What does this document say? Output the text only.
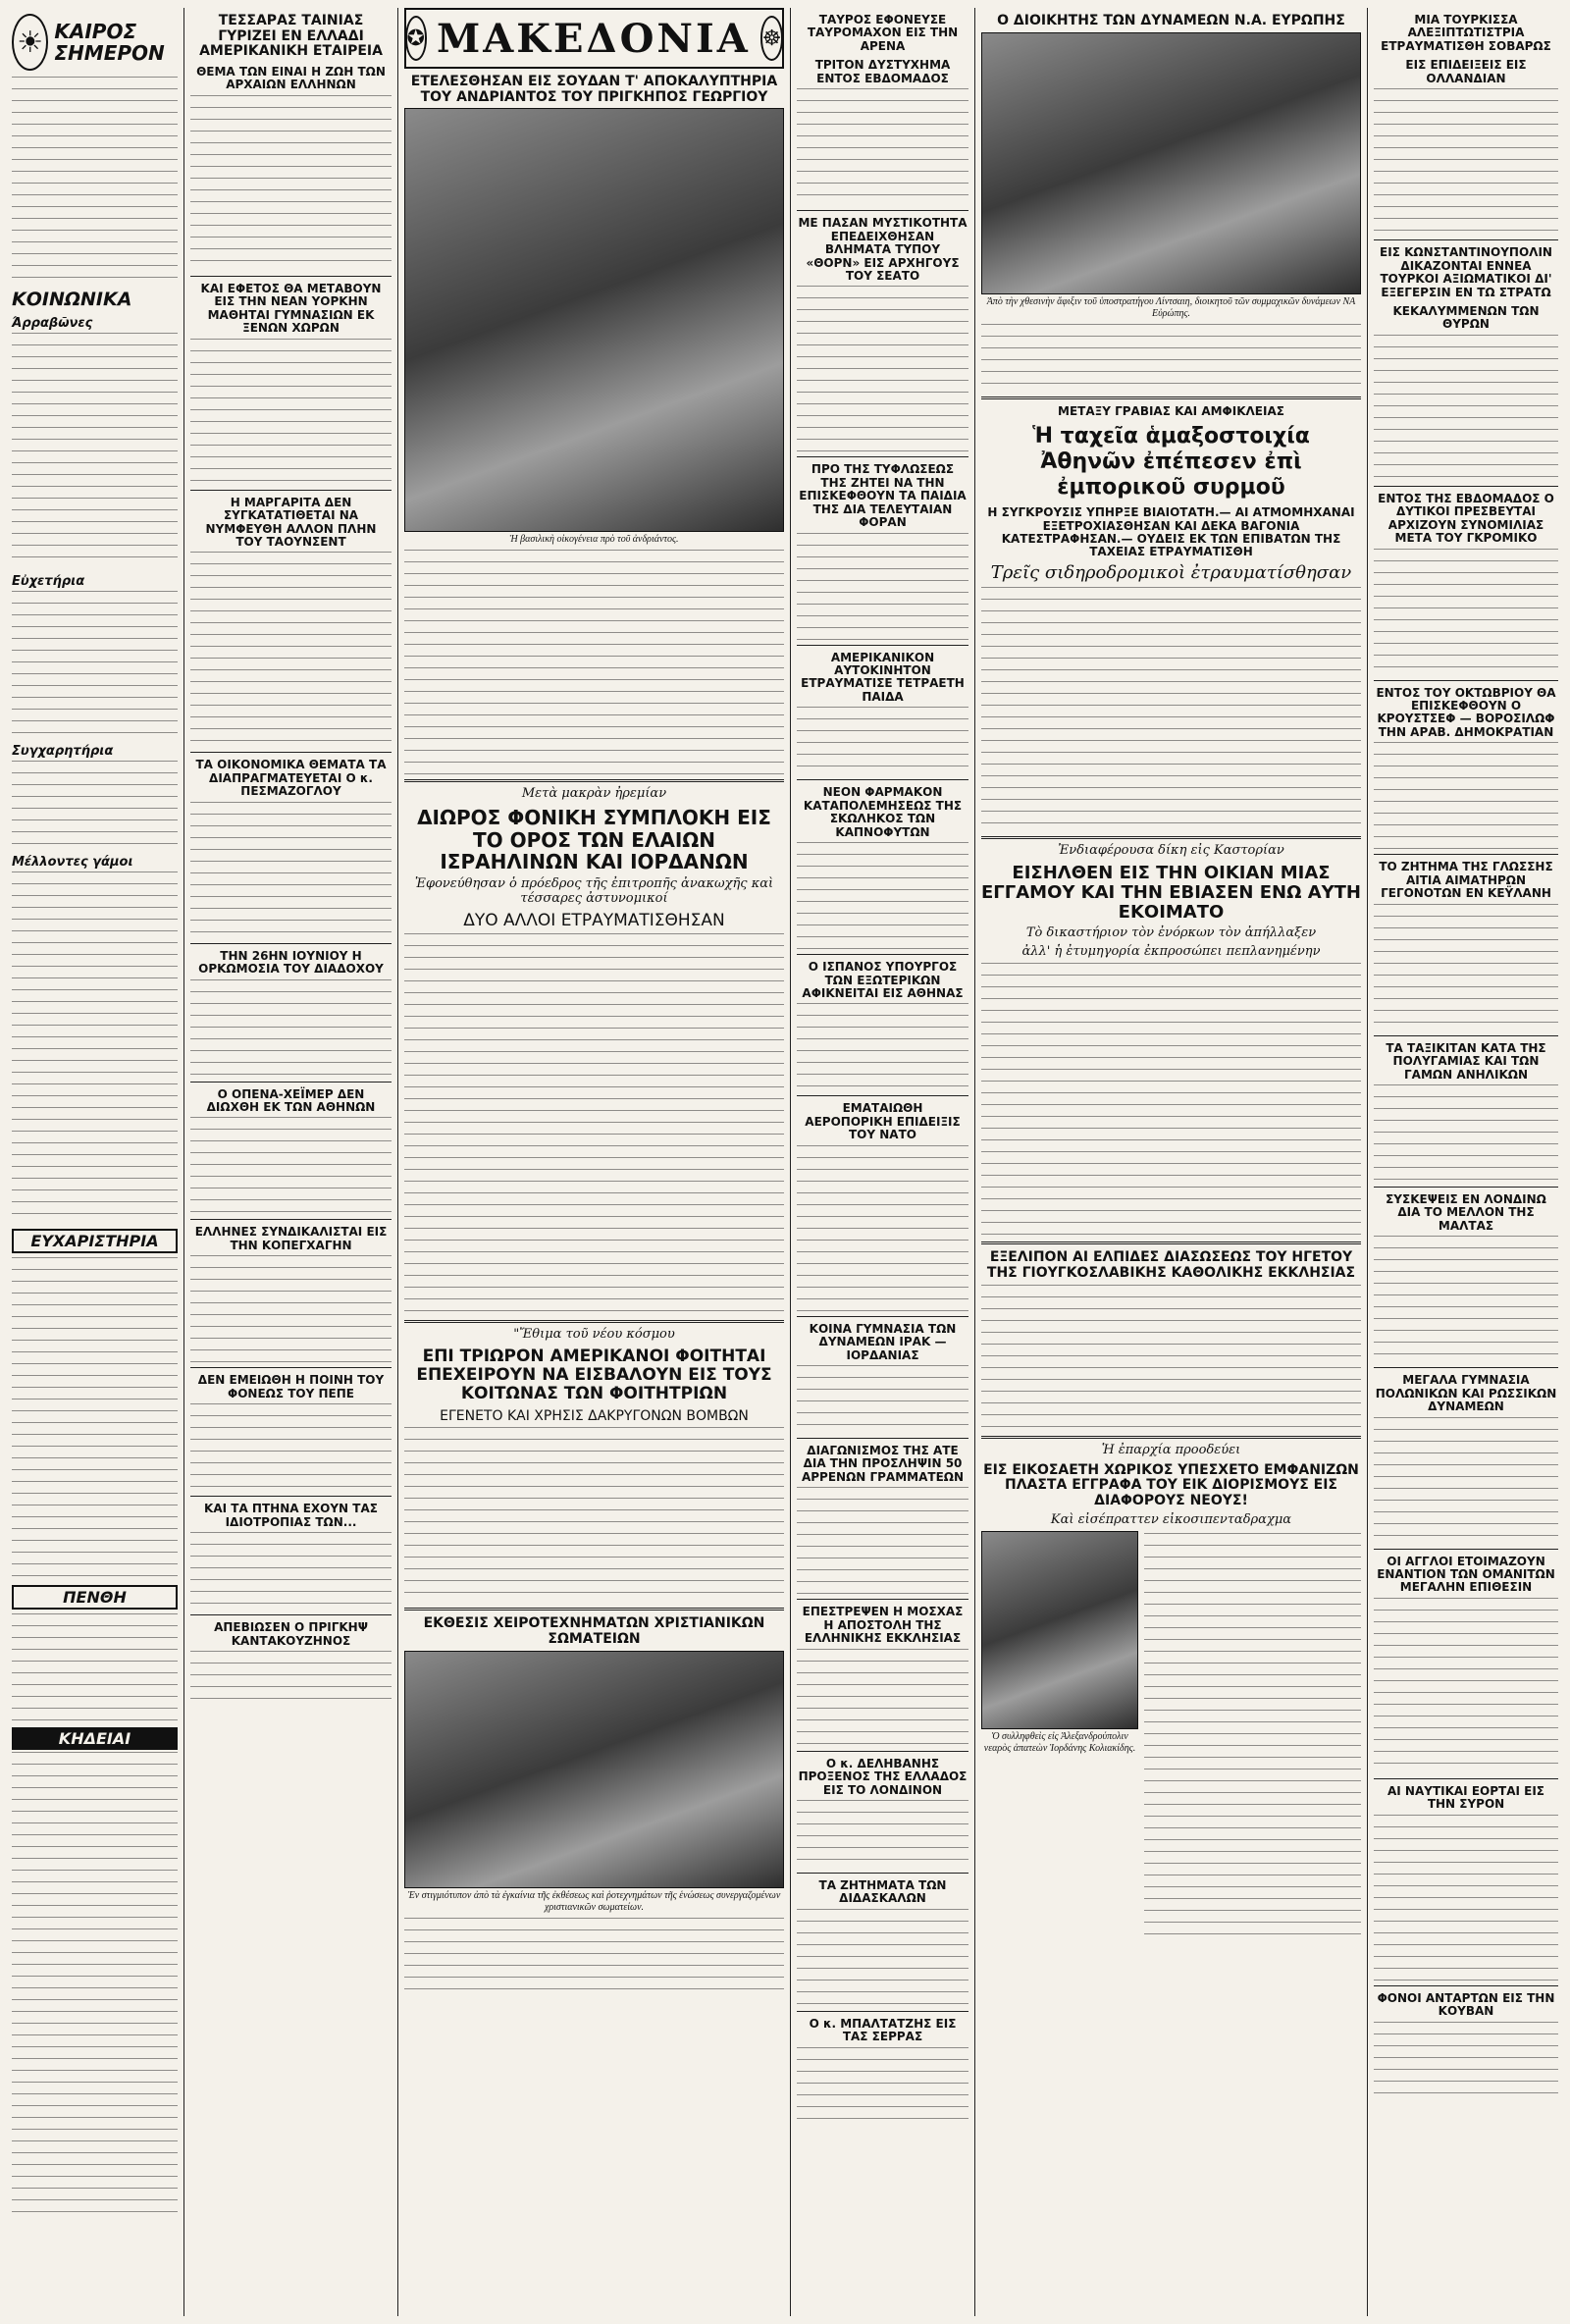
☀ ΚΑΙΡΟΣ ΣΗΜΕΡΟΝ
ΚΟΙΝΩΝΙΚΑ
Άρραβῶνες
Εὐχετήρια
Συγχαρητήρια
Μέλλοντες γάμοι
ΕΥΧΑΡΙΣΤΗΡΙΑ
ΠΕΝΘΗ
ΚΗΔΕΙΑΙ
ΤΕΣΣΑΡΑΣ ΤΑΙΝΙΑΣ ΓΥΡΙΖΕΙ ΕΝ ΕΛΛΑΔΙ ΑΜΕΡΙΚΑΝΙΚΗ ΕΤΑΙΡΕΙΑ
ΘΕΜΑ ΤΩΝ ΕΙΝΑΙ Η ΖΩΗ ΤΩΝ ΑΡΧΑΙΩΝ ΕΛΛΗΝΩΝ
ΚΑΙ ΕΦΕΤΟΣ ΘΑ ΜΕΤΑΒΟΥΝ ΕΙΣ ΤΗΝ ΝΕΑΝ ΥΟΡΚΗΝ ΜΑΘΗΤΑΙ ΓΥΜΝΑΣΙΩΝ ΕΚ ΞΕΝΩΝ ΧΩΡΩΝ
Η ΜΑΡΓΑΡΙΤΑ ΔΕΝ ΣΥΓΚΑΤΑΤΙΘΕΤΑΙ ΝΑ ΝΥΜΦΕΥΘΗ ΑΛΛΟΝ ΠΛΗΝ ΤΟΥ ΤΑΟΥΝΣΕΝΤ
ΤΑ ΟΙΚΟΝΟΜΙΚΑ ΘΕΜΑΤΑ ΤΑ ΔΙΑΠΡΑΓΜΑΤΕΥΕΤΑΙ Ο κ. ΠΕΣΜΑΖΟΓΛΟΥ
ΤΗΝ 26ΗΝ ΙΟΥΝΙΟΥ Η ΟΡΚΩΜΟΣΙΑ ΤΟΥ ΔΙΑΔΟΧΟΥ
Ο ΟΠΕΝΑ-ΧΕΪΜΕΡ ΔΕΝ ΔΙΩΧΘΗ ΕΚ ΤΩΝ ΑΘΗΝΩΝ
ΕΛΛΗΝΕΣ ΣΥΝΔΙΚΑΛΙΣΤΑΙ ΕΙΣ ΤΗΝ ΚΟΠΕΓΧΑΓΗΝ
ΔΕΝ ΕΜΕΙΩΘΗ Η ΠΟΙΝΗ ΤΟΥ ΦΟΝΕΩΣ ΤΟΥ ΠΕΠΕ
ΚΑΙ ΤΑ ΠΤΗΝΑ ΕΧΟΥΝ ΤΑΣ ΙΔΙΟΤΡΟΠΙΑΣ ΤΩΝ...
ΑΠΕΒΙΩΣΕΝ Ο ΠΡΙΓΚΗΨ ΚΑΝΤΑΚΟΥΖΗΝΟΣ
✪ ΜΑΚΕΔΟΝΙΑ ☸
ΕΤΕΛΕΣΘΗΣΑΝ ΕΙΣ ΣΟΥΔΑΝ Τ' ΑΠΟΚΑΛΥΠΤΗΡΙΑ ΤΟΥ ΑΝΔΡΙΑΝΤΟΣ ΤΟΥ ΠΡΙΓΚΗΠΟΣ ΓΕΩΡΓΙΟΥ
Ἡ βασιλικὴ οἰκογένεια πρὸ τοῦ ἀνδριάντος.
Μετὰ μακρὰν ἠρεμίαν
ΔΙΩΡΟΣ ΦΟΝΙΚΗ ΣΥΜΠΛΟΚΗ ΕΙΣ ΤΟ ΟΡΟΣ ΤΩΝ ΕΛΑΙΩΝ ΙΣΡΑΗΛΙΝΩΝ ΚΑΙ ΙΟΡΔΑΝΩΝ
Ἐφονεύθησαν ὁ πρόεδρος τῆς ἐπιτροπῆς ἀνακωχῆς καὶ τέσσαρες ἀστυνομικοί
ΔΥΟ ΑΛΛΟΙ ΕΤΡΑΥΜΑΤΙΣΘΗΣΑΝ
"Ἔθιμα τοῦ νέου κόσμου
ΕΠΙ ΤΡΙΩΡΟΝ ΑΜΕΡΙΚΑΝΟΙ ΦΟΙΤΗΤΑΙ ΕΠΕΧΕΙΡΟΥΝ ΝΑ ΕΙΣΒΑΛΟΥΝ ΕΙΣ ΤΟΥΣ ΚΟΙΤΩΝΑΣ ΤΩΝ ΦΟΙΤΗΤΡΙΩΝ
ΕΓΕΝΕΤΟ ΚΑΙ ΧΡΗΣΙΣ ΔΑΚΡΥΓΟΝΩΝ ΒΟΜΒΩΝ
ΕΚΘΕΣΙΣ ΧΕΙΡΟΤΕΧΝΗΜΑΤΩΝ ΧΡΙΣΤΙΑΝΙΚΩΝ ΣΩΜΑΤΕΙΩΝ
Ἐν στιγμιότυπον ἀπὸ τὰ ἐγκαίνια τῆς ἐκθέσεως καὶ ῥοτεχνημάτων τῆς ἑνώσεως συνεργαζομένων χριστιανικῶν σωματείων.
ΤΑΥΡΟΣ ΕΦΟΝΕΥΣΕ ΤΑΥΡΟΜΑΧΟΝ ΕΙΣ ΤΗΝ ΑΡΕΝΑ
ΤΡΙΤΟΝ ΔΥΣΤΥΧΗΜΑ ΕΝΤΟΣ ΕΒΔΟΜΑΔΟΣ
ΜΕ ΠΑΣΑΝ ΜΥΣΤΙΚΟΤΗΤΑ ΕΠΕΔΕΙΧΘΗΣΑΝ ΒΛΗΜΑΤΑ ΤΥΠΟΥ «ΘΟΡΝ» ΕΙΣ ΑΡΧΗΓΟΥΣ ΤΟΥ ΣΕΑΤΟ
ΠΡΟ ΤΗΣ ΤΥΦΛΩΣΕΩΣ ΤΗΣ ΖΗΤΕΙ ΝΑ ΤΗΝ ΕΠΙΣΚΕΦΘΟΥΝ ΤΑ ΠΑΙΔΙΑ ΤΗΣ ΔΙΑ ΤΕΛΕΥΤΑΙΑΝ ΦΟΡΑΝ
ΑΜΕΡΙΚΑΝΙΚΟΝ ΑΥΤΟΚΙΝΗΤΟΝ ΕΤΡΑΥΜΑΤΙΣΕ ΤΕΤΡΑΕΤΗ ΠΑΙΔΑ
ΝΕΟΝ ΦΑΡΜΑΚΟΝ ΚΑΤΑΠΟΛΕΜΗΣΕΩΣ ΤΗΣ ΣΚΩΛΗΚΟΣ ΤΩΝ ΚΑΠΝΟΦΥΤΩΝ
Ο ΙΣΠΑΝΟΣ ΥΠΟΥΡΓΟΣ ΤΩΝ ΕΞΩΤΕΡΙΚΩΝ ΑΦΙΚΝΕΙΤΑΙ ΕΙΣ ΑΘΗΝΑΣ
ΕΜΑΤΑΙΩΘΗ ΑΕΡΟΠΟΡΙΚΗ ΕΠΙΔΕΙΞΙΣ ΤΟΥ ΝΑΤΟ
ΚΟΙΝΑ ΓΥΜΝΑΣΙΑ ΤΩΝ ΔΥΝΑΜΕΩΝ ΙΡΑΚ — ΙΟΡΔΑΝΙΑΣ
ΔΙΑΓΩΝΙΣΜΟΣ ΤΗΣ ΑΤΕ ΔΙΑ ΤΗΝ ΠΡΟΣΛΗΨΙΝ 50 ΑΡΡΕΝΩΝ ΓΡΑΜΜΑΤΕΩΝ
ΕΠΕΣΤΡΕΨΕΝ Η ΜΟΣΧΑΣ Η ΑΠΟΣΤΟΛΗ ΤΗΣ ΕΛΛΗΝΙΚΗΣ ΕΚΚΛΗΣΙΑΣ
Ο κ. ΔΕΛΗΒΑΝΗΣ ΠΡΟΞΕΝΟΣ ΤΗΣ ΕΛΛΑΔΟΣ ΕΙΣ ΤΟ ΛΟΝΔΙΝΟΝ
ΤΑ ΖΗΤΗΜΑΤΑ ΤΩΝ ΔΙΔΑΣΚΑΛΩΝ
Ο κ. ΜΠΑΛΤΑΤΖΗΣ ΕΙΣ ΤΑΣ ΣΕΡΡΑΣ
Ο ΔΙΟΙΚΗΤΗΣ ΤΩΝ ΔΥΝΑΜΕΩΝ Ν.Α. ΕΥΡΩΠΗΣ
Ἀπὸ τὴν χθεσινὴν ἄφιξιν τοῦ ὑποστρατήγου Λίντσαιη, διοικητοῦ τῶν συμμαχικῶν δυνάμεων ΝΑ Εὐρώπης.
ΜΕΤΑΞΥ ΓΡΑΒΙΑΣ ΚΑΙ ΑΜΦΙΚΛΕΙΑΣ
Ἡ ταχεῖα ἁμαξοστοιχία Ἀθηνῶν ἐπέπεσεν ἐπὶ ἐμπορικοῦ συρμοῦ
Η ΣΥΓΚΡΟΥΣΙΣ ΥΠΗΡΞΕ ΒΙΑΙΟΤΑΤΗ.— ΑΙ ΑΤΜΟΜΗΧΑΝΑΙ ΕΞΕΤΡΟΧΙΑΣΘΗΣΑΝ ΚΑΙ ΔΕΚΑ ΒΑΓΟΝΙΑ ΚΑΤΕΣΤΡΑΦΗΣΑΝ.— ΟΥΔΕΙΣ ΕΚ ΤΩΝ ΕΠΙΒΑΤΩΝ ΤΗΣ ΤΑΧΕΙΑΣ ΕΤΡΑΥΜΑΤΙΣΘΗ
Τρεῖς σιδηροδρομικοὶ ἐτραυματίσθησαν
Ἐνδιαφέρουσα δίκη εἰς Καστορίαν
ΕΙΣΗΛΘΕΝ ΕΙΣ ΤΗΝ ΟΙΚΙΑΝ ΜΙΑΣ ΕΓΓΑΜΟΥ ΚΑΙ ΤΗΝ ΕΒΙΑΣΕΝ ΕΝΩ ΑΥΤΗ ΕΚΟΙΜΑΤΟ
Τὸ δικαστήριον τὸν ἐνόρκων τὸν ἀπήλλαξεν
ἀλλ' ἡ ἐτυμηγορία ἐκπροσώπει πεπλανημένην
ΕΞΕΛΙΠΟΝ ΑΙ ΕΛΠΙΔΕΣ ΔΙΑΣΩΣΕΩΣ ΤΟΥ ΗΓΕΤΟΥ ΤΗΣ ΓΙΟΥΓΚΟΣΛΑΒΙΚΗΣ ΚΑΘΟΛΙΚΗΣ ΕΚΚΛΗΣΙΑΣ
Ἡ ἐπαρχία προοδεύει
ΕΙΣ ΕΙΚΟΣΑΕΤΗ ΧΩΡΙΚΟΣ ΥΠΕΣΧΕΤΟ ΕΜΦΑΝΙΖΩΝ ΠΛΑΣΤΑ ΕΓΓΡΑΦΑ ΤΟΥ ΕΙΚ ΔΙΟΡΙΣΜΟΥΣ ΕΙΣ ΔΙΑΦΟΡΟΥΣ ΝΕΟΥΣ!
Καὶ εἰσέπραττεν εἰκοσιπενταδραχμα
Ὁ συλληφθεὶς εἰς Ἀλεξανδρούπολιν νεαρὸς ἀπατεὼν Ἰορδάνης Κολιακίδης.
ΜΙΑ ΤΟΥΡΚΙΣΣΑ ΑΛΕΞΙΠΤΩΤΙΣΤΡΙΑ ΕΤΡΑΥΜΑΤΙΣΘΗ ΣΟΒΑΡΩΣ
ΕΙΣ ΕΠΙΔΕΙΞΕΙΣ ΕΙΣ ΟΛΛΑΝΔΙΑΝ
ΕΙΣ ΚΩΝΣΤΑΝΤΙΝΟΥΠΟΛΙΝ ΔΙΚΑΖΟΝΤΑΙ ΕΝΝΕΑ ΤΟΥΡΚΟΙ ΑΞΙΩΜΑΤΙΚΟΙ ΔΙ' ΕΞΕΓΕΡΣΙΝ ΕΝ ΤΩ ΣΤΡΑΤΩ
ΚΕΚΑΛΥΜΜΕΝΩΝ ΤΩΝ ΘΥΡΩΝ
ΕΝΤΟΣ ΤΗΣ ΕΒΔΟΜΑΔΟΣ Ο ΔΥΤΙΚΟΙ ΠΡΕΣΒΕΥΤΑΙ ΑΡΧΙΖΟΥΝ ΣΥΝΟΜΙΛΙΑΣ ΜΕΤΑ ΤΟΥ ΓΚΡΟΜΙΚΟ
ΕΝΤΟΣ ΤΟΥ ΟΚΤΩΒΡΙΟΥ ΘΑ ΕΠΙΣΚΕΦΘΟΥΝ Ο ΚΡΟΥΣΤΣΕΦ — ΒΟΡΟΣΙΛΩΦ ΤΗΝ ΑΡΑΒ. ΔΗΜΟΚΡΑΤΙΑΝ
ΤΟ ΖΗΤΗΜΑ ΤΗΣ ΓΛΩΣΣΗΣ ΑΙΤΙΑ ΑΙΜΑΤΗΡΩΝ ΓΕΓΟΝΟΤΩΝ ΕΝ ΚΕΫΛΑΝΗ
ΤΑ ΤΑΞΙΚΙΤΑΝ ΚΑΤΑ ΤΗΣ ΠΟΛΥΓΑΜΙΑΣ ΚΑΙ ΤΩΝ ΓΑΜΩΝ ΑΝΗΛΙΚΩΝ
ΣΥΣΚΕΨΕΙΣ ΕΝ ΛΟΝΔΙΝΩ ΔΙΑ ΤΟ ΜΕΛΛΟΝ ΤΗΣ ΜΑΛΤΑΣ
ΜΕΓΑΛΑ ΓΥΜΝΑΣΙΑ ΠΟΛΩΝΙΚΩΝ ΚΑΙ ΡΩΣΣΙΚΩΝ ΔΥΝΑΜΕΩΝ
ΟΙ ΑΓΓΛΟΙ ΕΤΟΙΜΑΖΟΥΝ ΕΝΑΝΤΙΟΝ ΤΩΝ ΟΜΑΝΙΤΩΝ ΜΕΓΑΛΗΝ ΕΠΙΘΕΣΙΝ
ΑΙ ΝΑΥΤΙΚΑΙ ΕΟΡΤΑΙ ΕΙΣ ΤΗΝ ΣΥΡΟΝ
ΦΟΝΟΙ ΑΝΤΑΡΤΩΝ ΕΙΣ ΤΗΝ ΚΟΥΒΑΝ
